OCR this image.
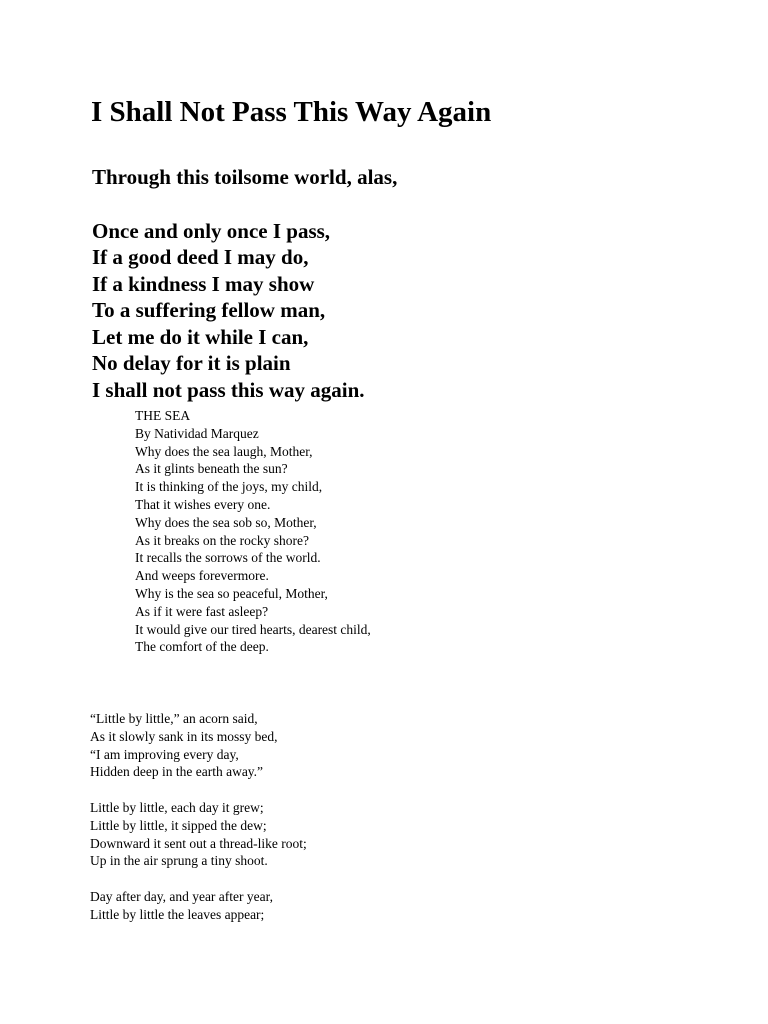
I Shall Not Pass This Way Again
Through this toilsome world, alas,
Once and only once I pass,
If a good deed I may do,
If a kindness I may show
To a suffering fellow man,
Let me do it while I can,
No delay for it is plain
I shall not pass this way again.
THE SEA
By Natividad Marquez
Why does the sea laugh, Mother,
As it glints beneath the sun?
It is thinking of the joys, my child,
That it wishes every one.
Why does the sea sob so, Mother,
As it breaks on the rocky shore?
It recalls the sorrows of the world.
And weeps forevermore.
Why is the sea so peaceful, Mother,
As if it were fast asleep?
It would give our tired hearts, dearest child,
The comfort of the deep.
“Little by little,” an acorn said,
As it slowly sank in its mossy bed,
“I am improving every day,
Hidden deep in the earth away.”
Little by little, each day it grew;
Little by little, it sipped the dew;
Downward it sent out a thread-like root;
Up in the air sprung a tiny shoot.
Day after day, and year after year,
Little by little the leaves appear;
